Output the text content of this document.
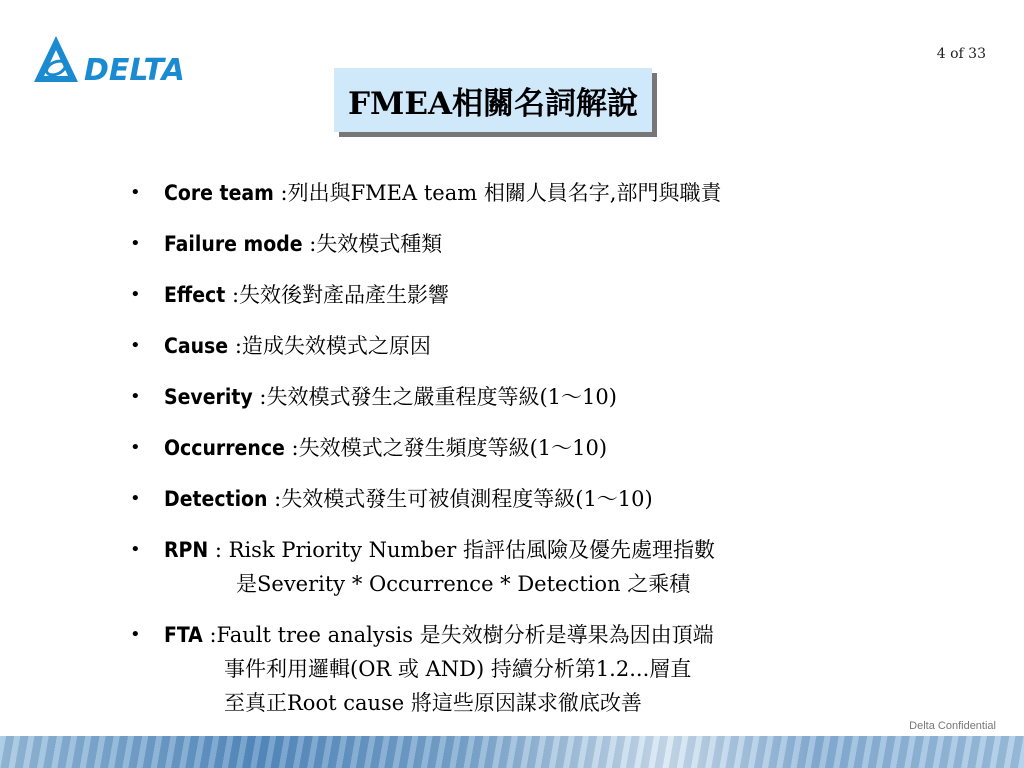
DELTA	4 of 33
FMEA相關名詞解說
•	Core team :列出與FMEA team 相關人員名字,部門與職責
•	Failure mode :失效模式種類
•	Effect :失效後對產品產生影響
•	Cause :造成失效模式之原因
•	Severity :失效模式發生之嚴重程度等級(1～10)
•	Occurrence :失效模式之發生頻度等級(1～10)
•	Detection :失效模式發生可被偵測程度等級(1～10)
•	RPN : Risk Priority Number 指評估風險及優先處理指數
是Severity * Occurrence * Detection 之乘積
•	FTA :Fault tree analysis 是失效樹分析是導果為因由頂端
事件利用邏輯(OR 或 AND) 持續分析第1.2...層直
至真正Root cause 將這些原因謀求徹底改善
Delta Confidential
